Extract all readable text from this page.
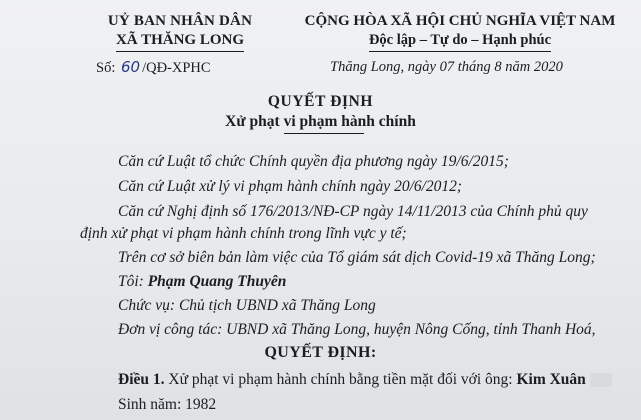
UỶ BAN NHÂN DÂN
XÃ THĂNG LONG
CỘNG HÒA XÃ HỘI CHỦ NGHĨA VIỆT NAM
Độc lập – Tự do – Hạnh phúc
Số: 60 /QĐ-XPHC	Thăng Long, ngày 07 tháng 8 năm 2020
QUYẾT ĐỊNH
Xử phạt vi phạm hành chính
Căn cứ Luật tổ chức Chính quyền địa phương ngày 19/6/2015;
Căn cứ Luật xử lý vi phạm hành chính ngày 20/6/2012;
Căn cứ Nghị định số 176/2013/NĐ-CP ngày 14/11/2013 của Chính phủ quy
định xử phạt vi phạm hành chính trong lĩnh vực y tế;
Trên cơ sở biên bản làm việc của Tổ giám sát dịch Covid-19 xã Thăng Long;
Tôi: Phạm Quang Thuyên
Chức vụ: Chủ tịch UBND xã Thăng Long
Đơn vị công tác: UBND xã Thăng Long, huyện Nông Cống, tỉnh Thanh Hoá,
QUYẾT ĐỊNH:
Điều 1. Xử phạt vi phạm hành chính bằng tiền mặt đối với ông: Kim Xuân
Sinh năm: 1982
